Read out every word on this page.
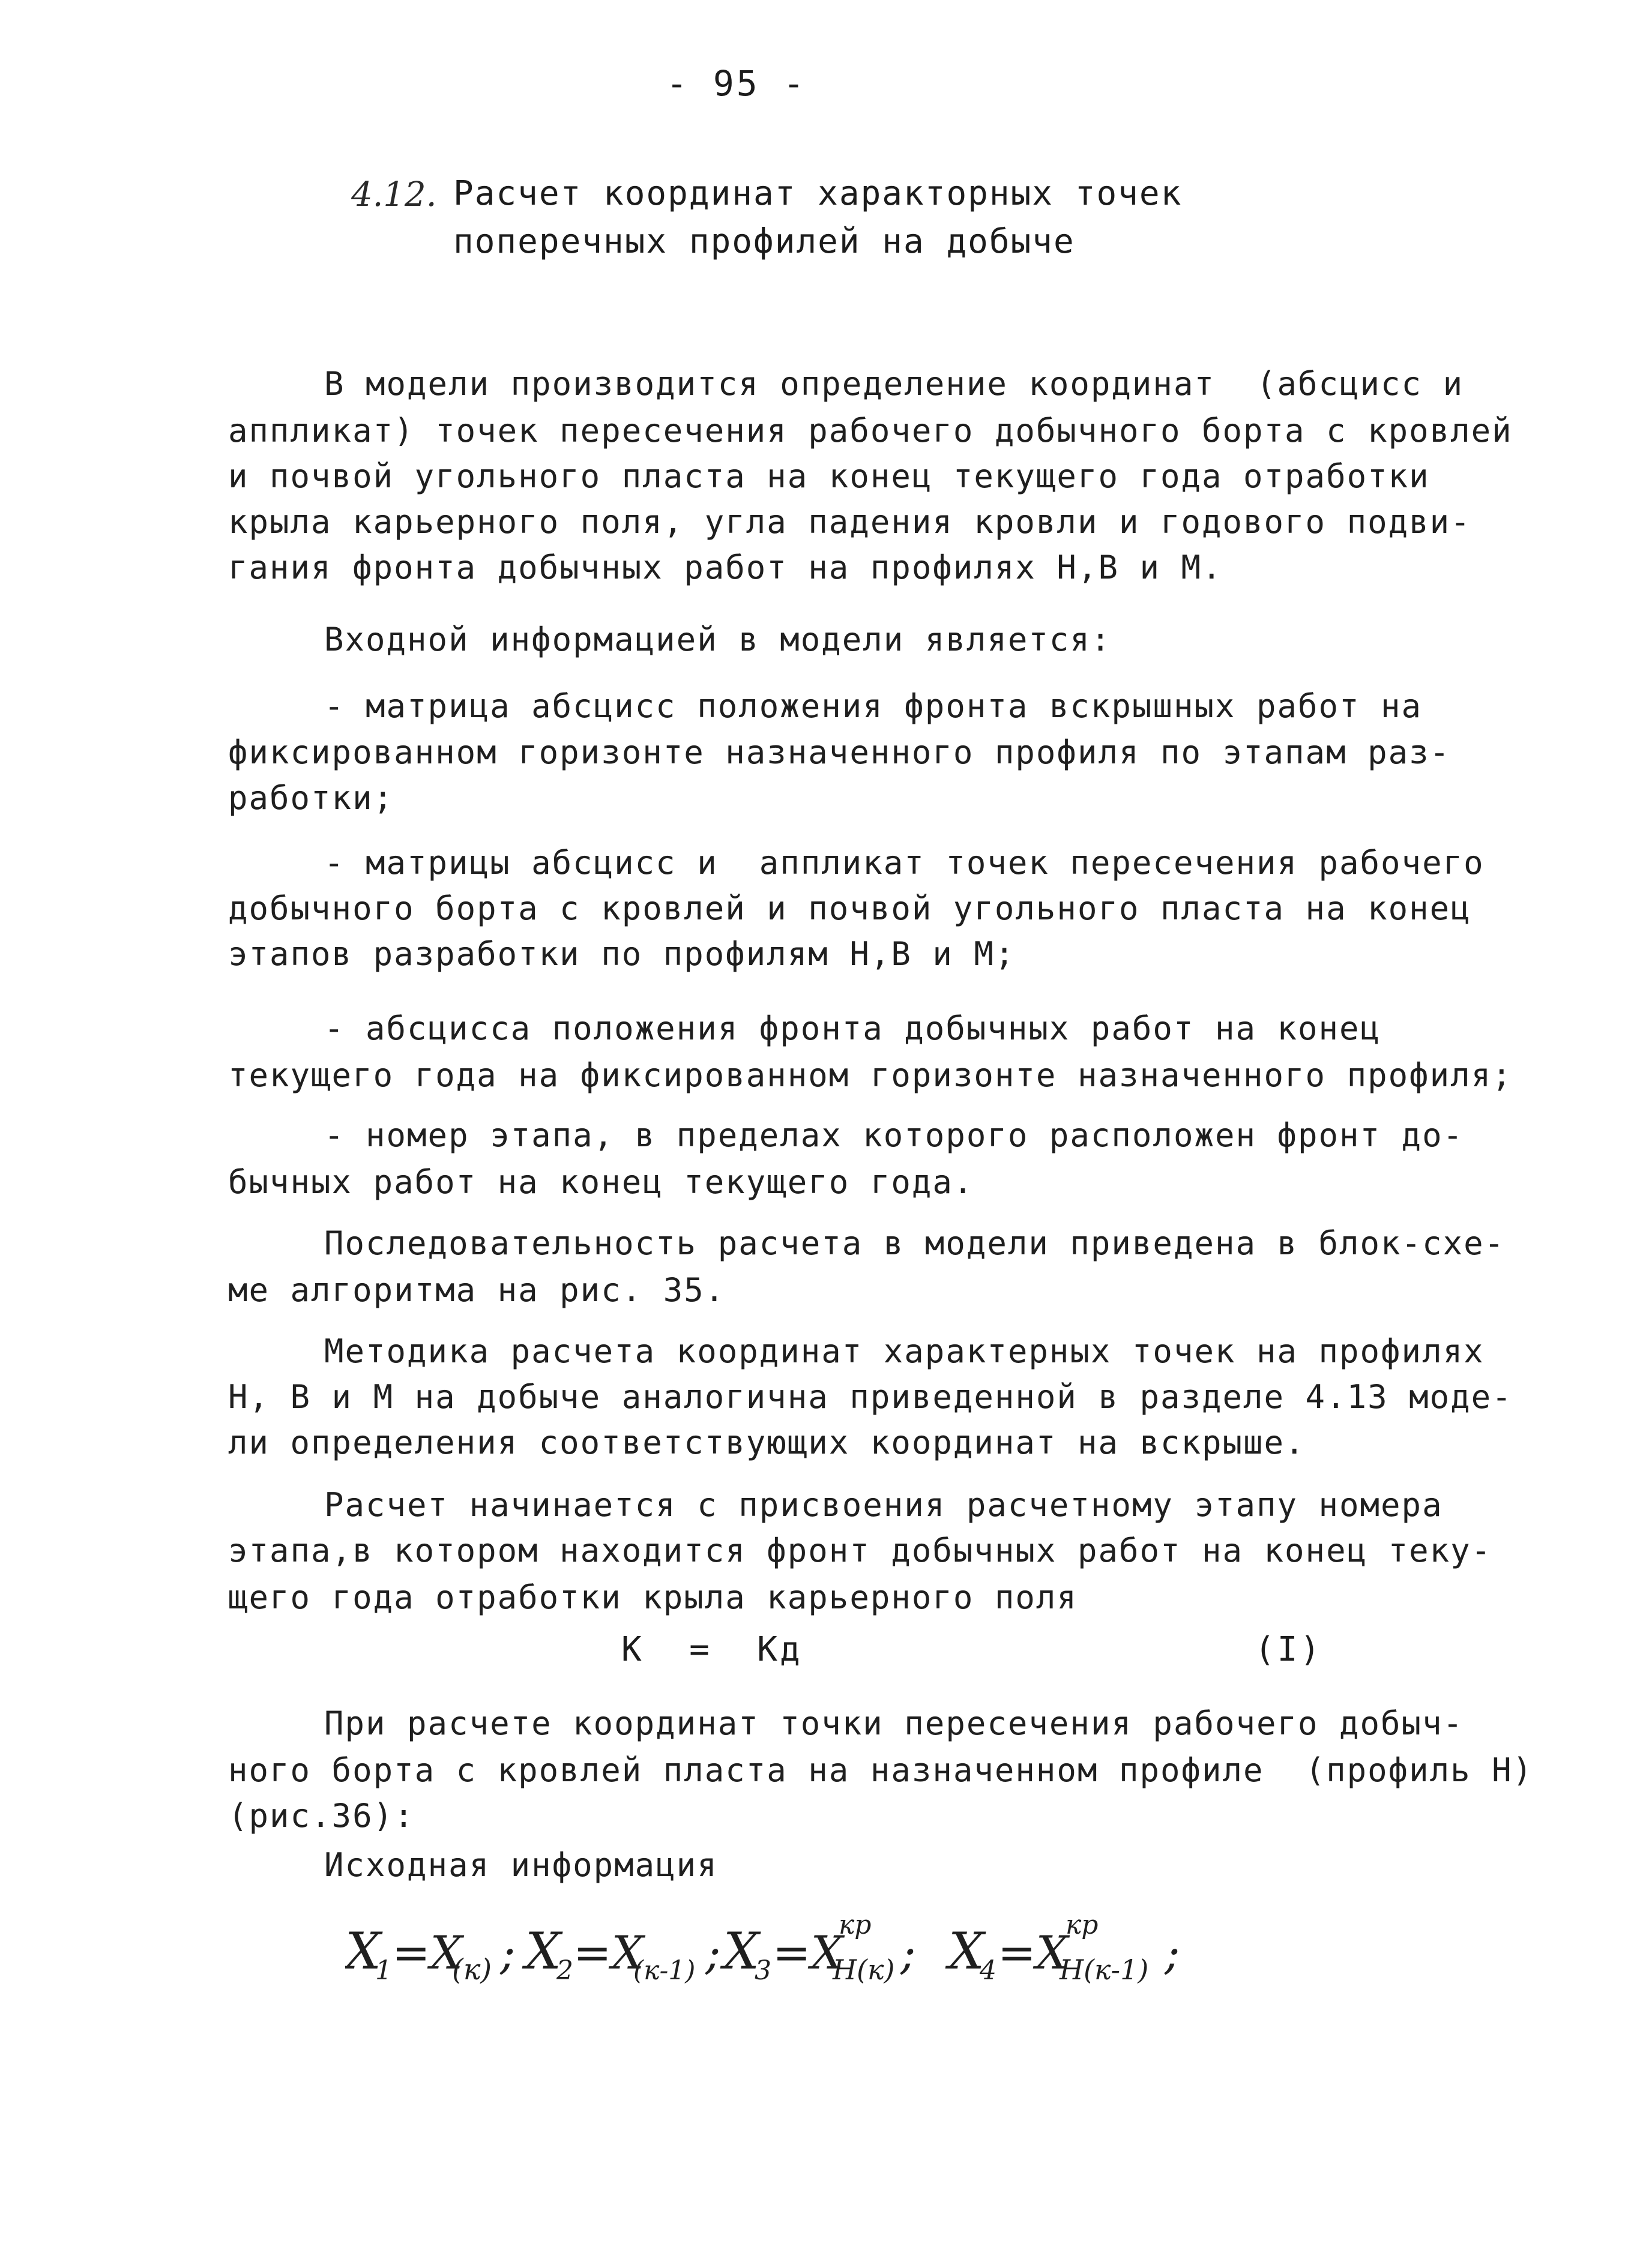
- 95 -
4.12. Расчет координат характорных точек
поперечных профилей на добыче
В модели производится определение координат  (абсцисс и
аппликат) точек пересечения рабочего добычного борта с кровлей
и почвой угольного пласта на конец текущего года отработки
крыла карьерного поля, угла падения кровли и годового подви-
гания фронта добычных работ на профилях Н,В и М.
Входной информацией в модели является:
- матрица абсцисс положения фронта вскрышных работ на
фиксированном горизонте назначенного профиля по этапам раз-
работки;
- матрицы абсцисс и  аппликат точек пересечения рабочего
добычного борта с кровлей и почвой угольного пласта на конец
этапов разработки по профилям Н,В и М;
- абсцисса положения фронта добычных работ на конец
текущего года на фиксированном горизонте назначенного профиля;
- номер этапа, в пределах которого расположен фронт до-
бычных работ на конец текущего года.
Последовательность расчета в модели приведена в блок-схе-
ме алгоритма на рис. 35.
Методика расчета координат характерных точек на профилях
Н, В и М на добыче аналогична приведенной в разделе 4.13 моде-
ли определения соответствующих координат на вскрыше.
Расчет начинается с присвоения расчетному этапу номера
этапа,в котором находится фронт добычных работ на конец теку-
щего года отработки крыла карьерного поля
К  =  Кд	(I)
При расчете координат точки пересечения рабочего добыч-
ного борта с кровлей пласта на назначенном профиле  (профиль Н)
(рис.36):
Исходная информация
X
1 =X
(к) ; X
2 =X
(к-1) ; X
3 =X
кр
Н(к) ; X
4 =X
кр
Н(к-1) ;
